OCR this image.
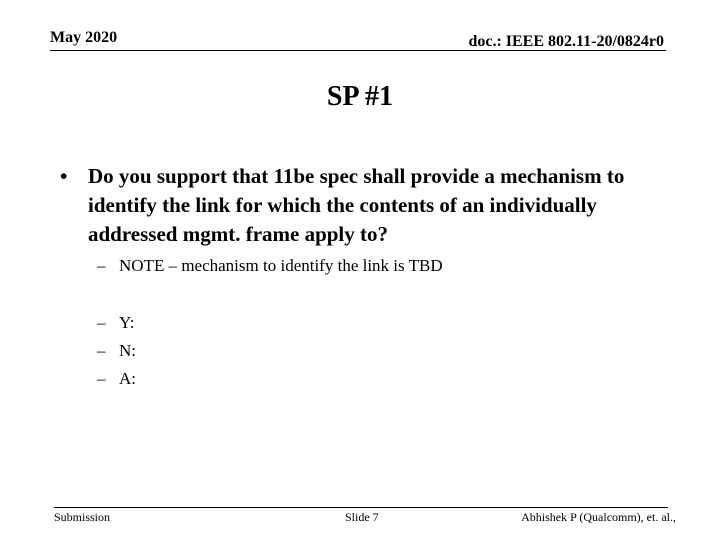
May 2020	doc.: IEEE 802.11-20/0824r0
SP #1
• Do you support that 11be spec shall provide a mechanism to identify the link for which the contents of an individually addressed mgmt. frame apply to?
– NOTE – mechanism to identify the link is TBD
– Y:
– N:
– A:
Submission	Slide 7	Abhishek P (Qualcomm), et. al.,
